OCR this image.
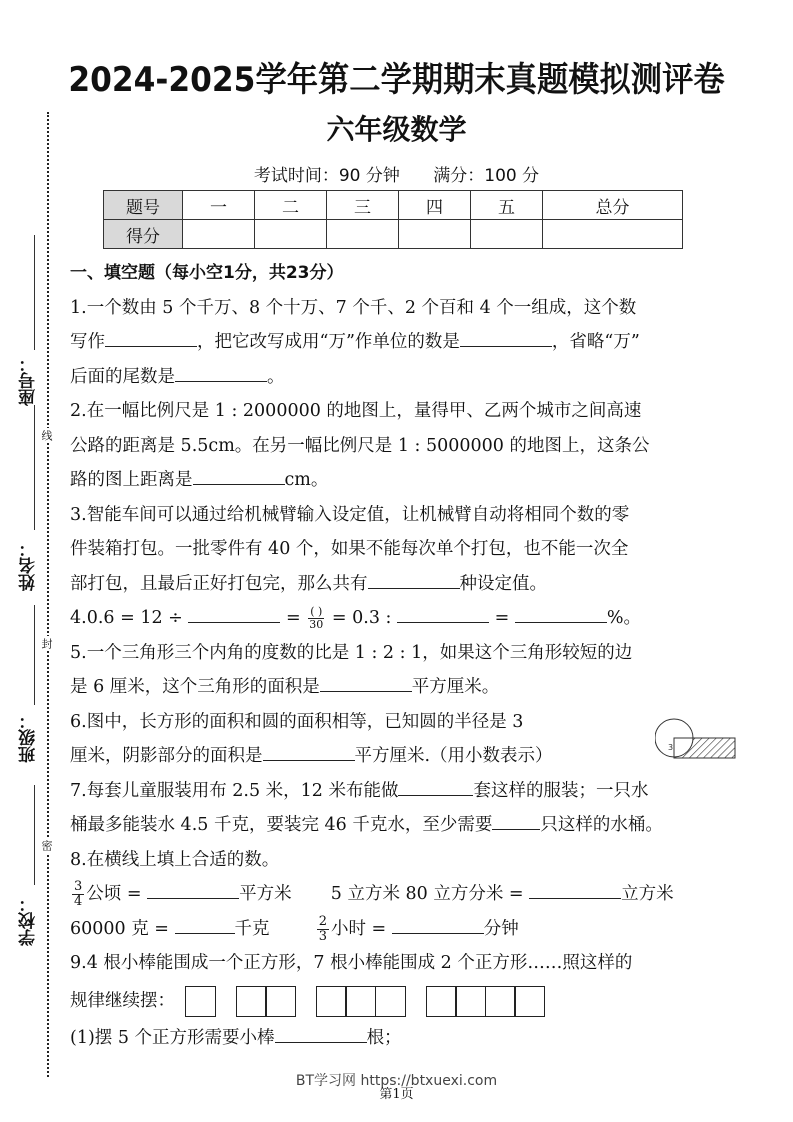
2024-2025学年第二学期期末真题模拟测评卷
六年级数学
考试时间：90 分钟 满分：100 分
题号	一	二	三	四	五	总分
得分						
线
封
密
座号：
姓名：
班级：
学校：

一、填空题（每小空1分，共23分）

1.一个数由 5 个千万、8 个十万、7 个千、2 个百和 4 个一组成，这个数

写作	，把它改写成用“万”作单位的数是	，省略“万”

后面的尾数是	。

2.在一幅比例尺是 1 : 2000000 的地图上，量得甲、乙两个城市之间高速

公路的距离是 5.5cm。在另一幅比例尺是 1 : 5000000 的地图上，这条公

路的图上距离是	cm。

3.智能车间可以通过给机械臂输入设定值，让机械臂自动将相同个数的零

件装箱打包。一批零件有 40 个，如果不能每次单个打包，也不能一次全

部打包，且最后正好打包完，那么共有	种设定值。

4.0.6 = 12 ÷	= $\frac{( )}{30} = 0.3$ :	=	%。

5.一个三角形三个内角的度数的比是 1 : 2 : 1，如果这个三角形较短的边

是 6 厘米，这个三角形的面积是	平方厘米。

6.图中，长方形的面积和圆的面积相等，已知圆的半径是 3

厘米，阴影部分的面积是	平方厘米.（用小数表示）

7.每套儿童服装用布 2.5 米，12 米布能做	套这样的服装；一只水

桶最多能装水 4.5 千克，要装完 46 千克水，至少需要	只这样的水桶。

8.在横线上填上合适的数。

$\frac{3}{4}$ 公顷 =	平方米 5 立方米 80 立方分米 =	立方米

60000 克 =	千克	$\frac{2}{3}$ 小时 =	分钟

9.4 根小棒能围成一个正方形，7 根小棒能围成 2 个正方形……照这样的

规律继续摆：

(1)摆 5 个正方形需要小棒	根；

3
BT学习网 https://btxuexi.com
第1页
